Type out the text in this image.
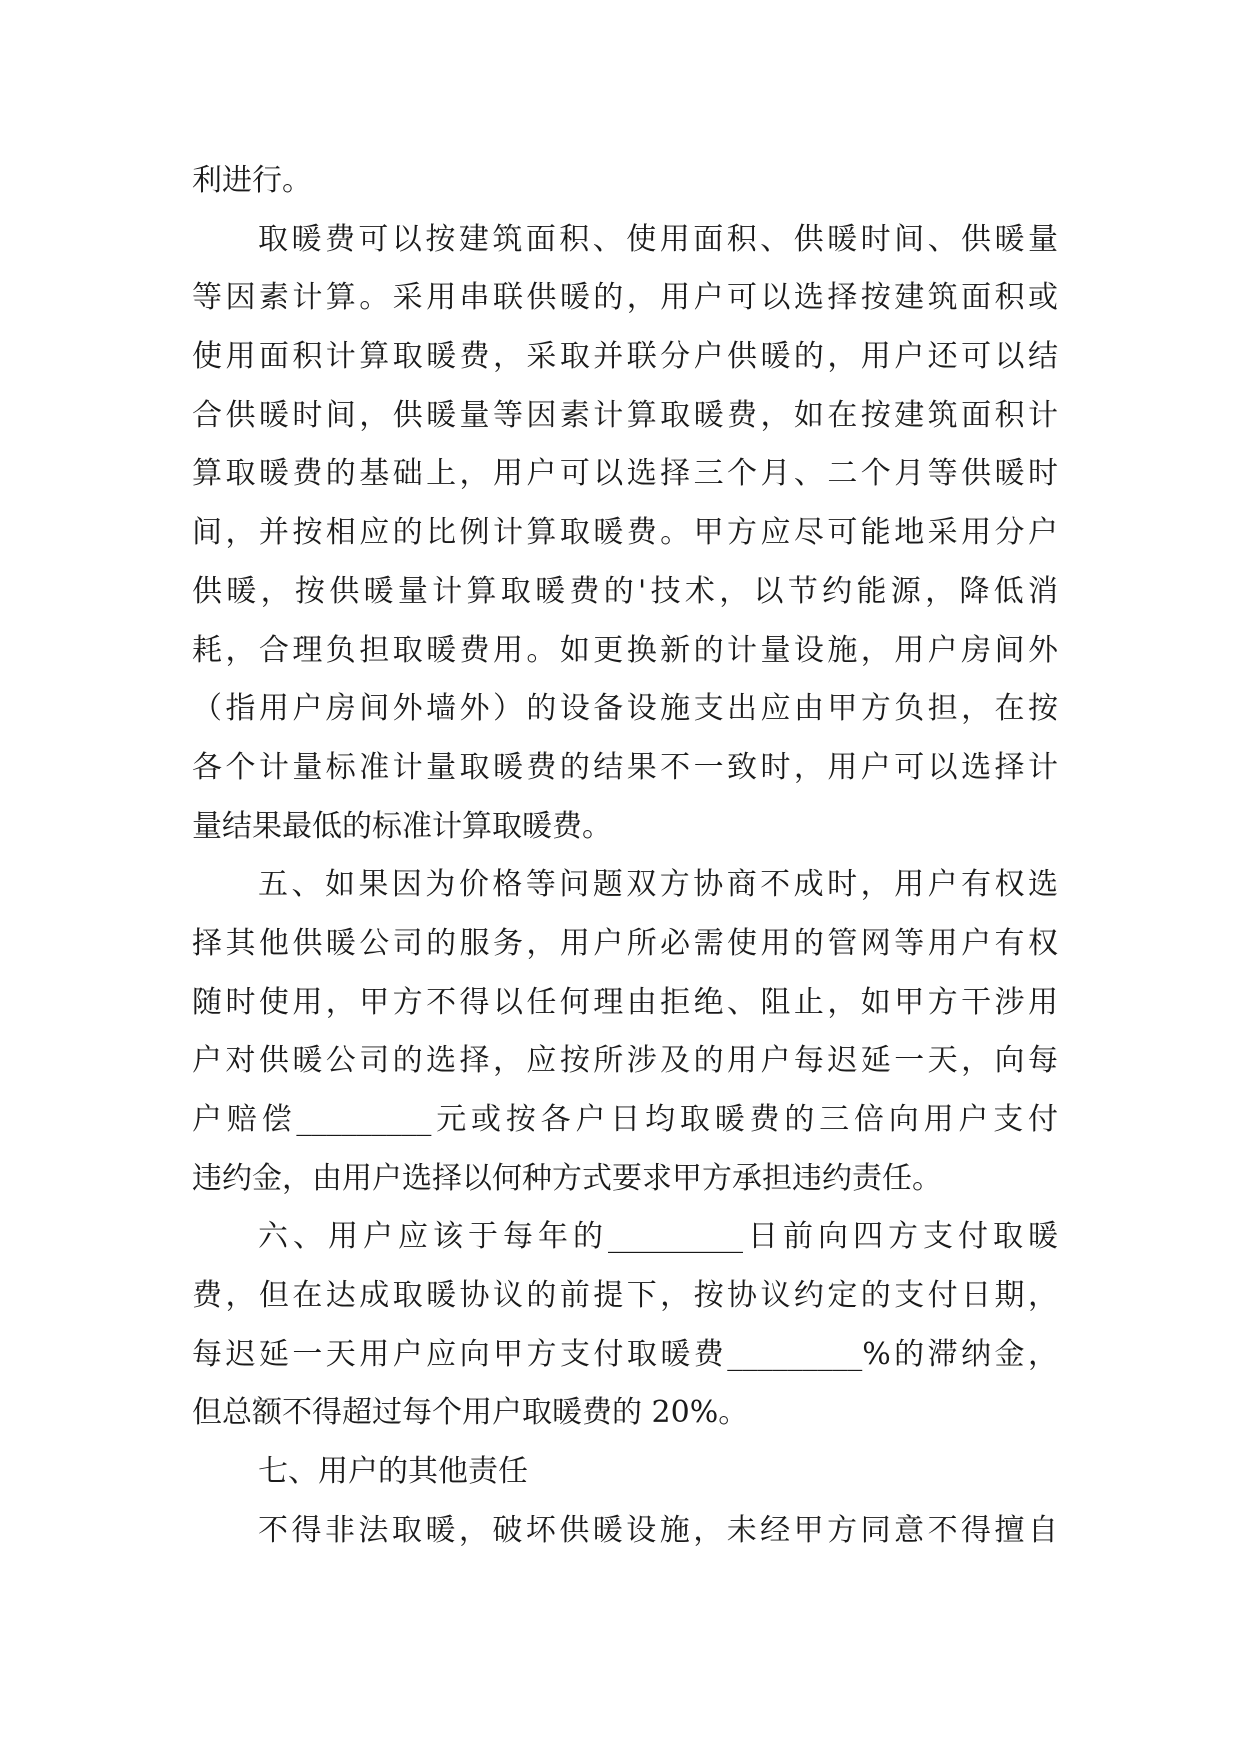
利进行。
取暖费可以按建筑面积、使用面积、供暖时间、供暖量
等因素计算。采用串联供暖的，用户可以选择按建筑面积或
使用面积计算取暖费，采取并联分户供暖的，用户还可以结
合供暖时间，供暖量等因素计算取暖费，如在按建筑面积计
算取暖费的基础上，用户可以选择三个月、二个月等供暖时
间，并按相应的比例计算取暖费。甲方应尽可能地采用分户
供暖，按供暖量计算取暖费的'技术，以节约能源，降低消
耗，合理负担取暖费用。如更换新的计量设施，用户房间外
（指用户房间外墙外）的设备设施支出应由甲方负担，在按
各个计量标准计量取暖费的结果不一致时，用户可以选择计
量结果最低的标准计算取暖费。
五、如果因为价格等问题双方协商不成时，用户有权选
择其他供暖公司的服务，用户所必需使用的管网等用户有权
随时使用，甲方不得以任何理由拒绝、阻止，如甲方干涉用
户对供暖公司的选择，应按所涉及的用户每迟延一天，向每
户赔偿_________元或按各户日均取暖费的三倍向用户支付
违约金，由用户选择以何种方式要求甲方承担违约责任。
六、用户应该于每年的_________日前向四方支付取暖
费，但在达成取暖协议的前提下，按协议约定的支付日期，
每迟延一天用户应向甲方支付取暖费_________%的滞纳金，
但总额不得超过每个用户取暖费的 20%。
七、用户的其他责任
不得非法取暖，破坏供暖设施，未经甲方同意不得擅自
